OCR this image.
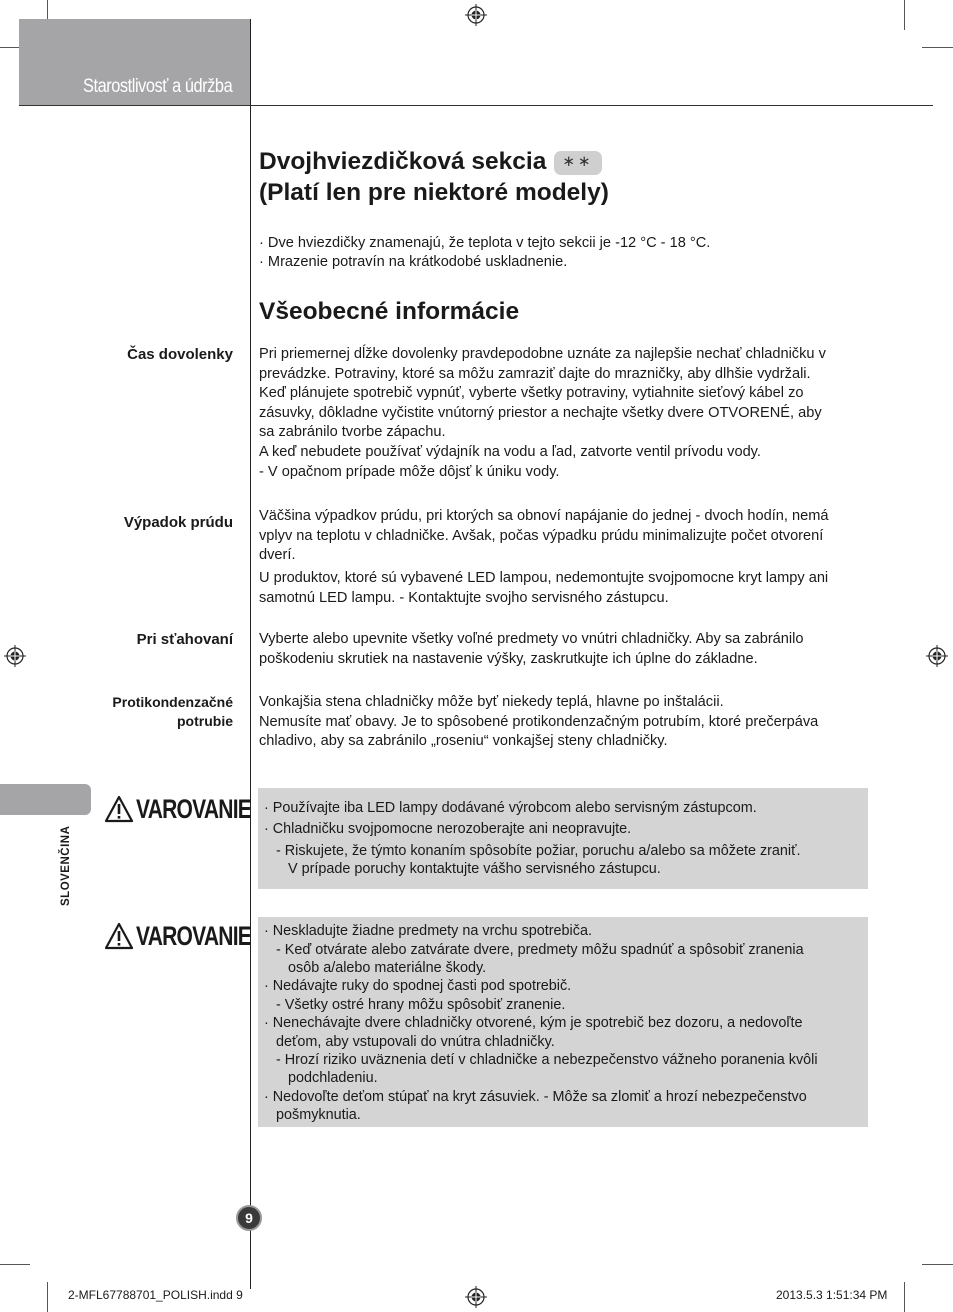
Starostlivosť a údržba
Dvojhviezdičková sekcia ∗∗
(Platí len pre niektoré modely)

· Dve hviezdičky znamenajú, že teplota v tejto sekcii je -12 °C - 18 °C.

· Mrazenie potravín na krátkodobé uskladnenie.

Všeobecné informácie
Čas dovolenky Pri priemernej dĺžke dovolenky pravdepodobne uznáte za najlepšie nechať chladničku v

prevádzke. Potraviny, ktoré sa môžu zamraziť dajte do mrazničky, aby dlhšie vydržali.

Keď plánujete spotrebič vypnúť, vyberte všetky potraviny, vytiahnite sieťový kábel zo

zásuvky, dôkladne vyčistite vnútorný priestor a nechajte všetky dvere OTVORENÉ, aby

sa zabránilo tvorbe zápachu.

A keď nebudete používať výdajník na vodu a ľad, zatvorte ventil prívodu vody.

- V opačnom prípade môže dôjsť k úniku vody.

Výpadok prúdu Väčšina výpadkov prúdu, pri ktorých sa obnoví napájanie do jednej - dvoch hodín, nemá

vplyv na teplotu v chladničke. Avšak, počas výpadku prúdu minimalizujte počet otvorení

dverí.

U produktov, ktoré sú vybavené LED lampou, nedemontujte svojpomocne kryt lampy ani

samotnú LED lampu. - Kontaktujte svojho servisného zástupcu.

Pri sťahovaní Vyberte alebo upevnite všetky voľné predmety vo vnútri chladničky. Aby sa zabránilo

poškodeniu skrutiek na nastavenie výšky, zaskrutkujte ich úplne do základne.

Protikondenzačné
potrubie

Vonkajšia stena chladničky môže byť niekedy teplá, hlavne po inštalácii.

Nemusíte mať obavy. Je to spôsobené protikondenzačným potrubím, ktoré prečerpáva

chladivo, aby sa zabránilo „roseniu“ vonkajšej steny chladničky.

SLOVENČINA
VAROVANIE · Používajte iba LED lampy dodávané výrobcom alebo servisným zástupcom.
· Chladničku svojpomocne nerozoberajte ani neopravujte.
- Riskujete, že týmto konaním spôsobíte požiar, poruchu a/alebo sa môžete zraniť.
V prípade poruchy kontaktujte vášho servisného zástupcu.
VAROVANIE · Neskladujte žiadne predmety na vrchu spotrebiča.
- Keď otvárate alebo zatvárate dvere, predmety môžu spadnúť a spôsobiť zranenia
osôb a/alebo materiálne škody.
· Nedávajte ruky do spodnej časti pod spotrebič.
- Všetky ostré hrany môžu spôsobiť zranenie.
· Nenechávajte dvere chladničky otvorené, kým je spotrebič bez dozoru, a nedovoľte
deťom, aby vstupovali do vnútra chladničky.
- Hrozí riziko uväznenia detí v chladničke a nebezpečenstvo vážneho poranenia kvôli
podchladeniu.
· Nedovoľte deťom stúpať na kryt zásuviek. - Môže sa zlomiť a hrozí nebezpečenstvo
pošmyknutia.
9
2-MFL67788701_POLISH.indd 9	2013.5.3 1:51:34 PM
